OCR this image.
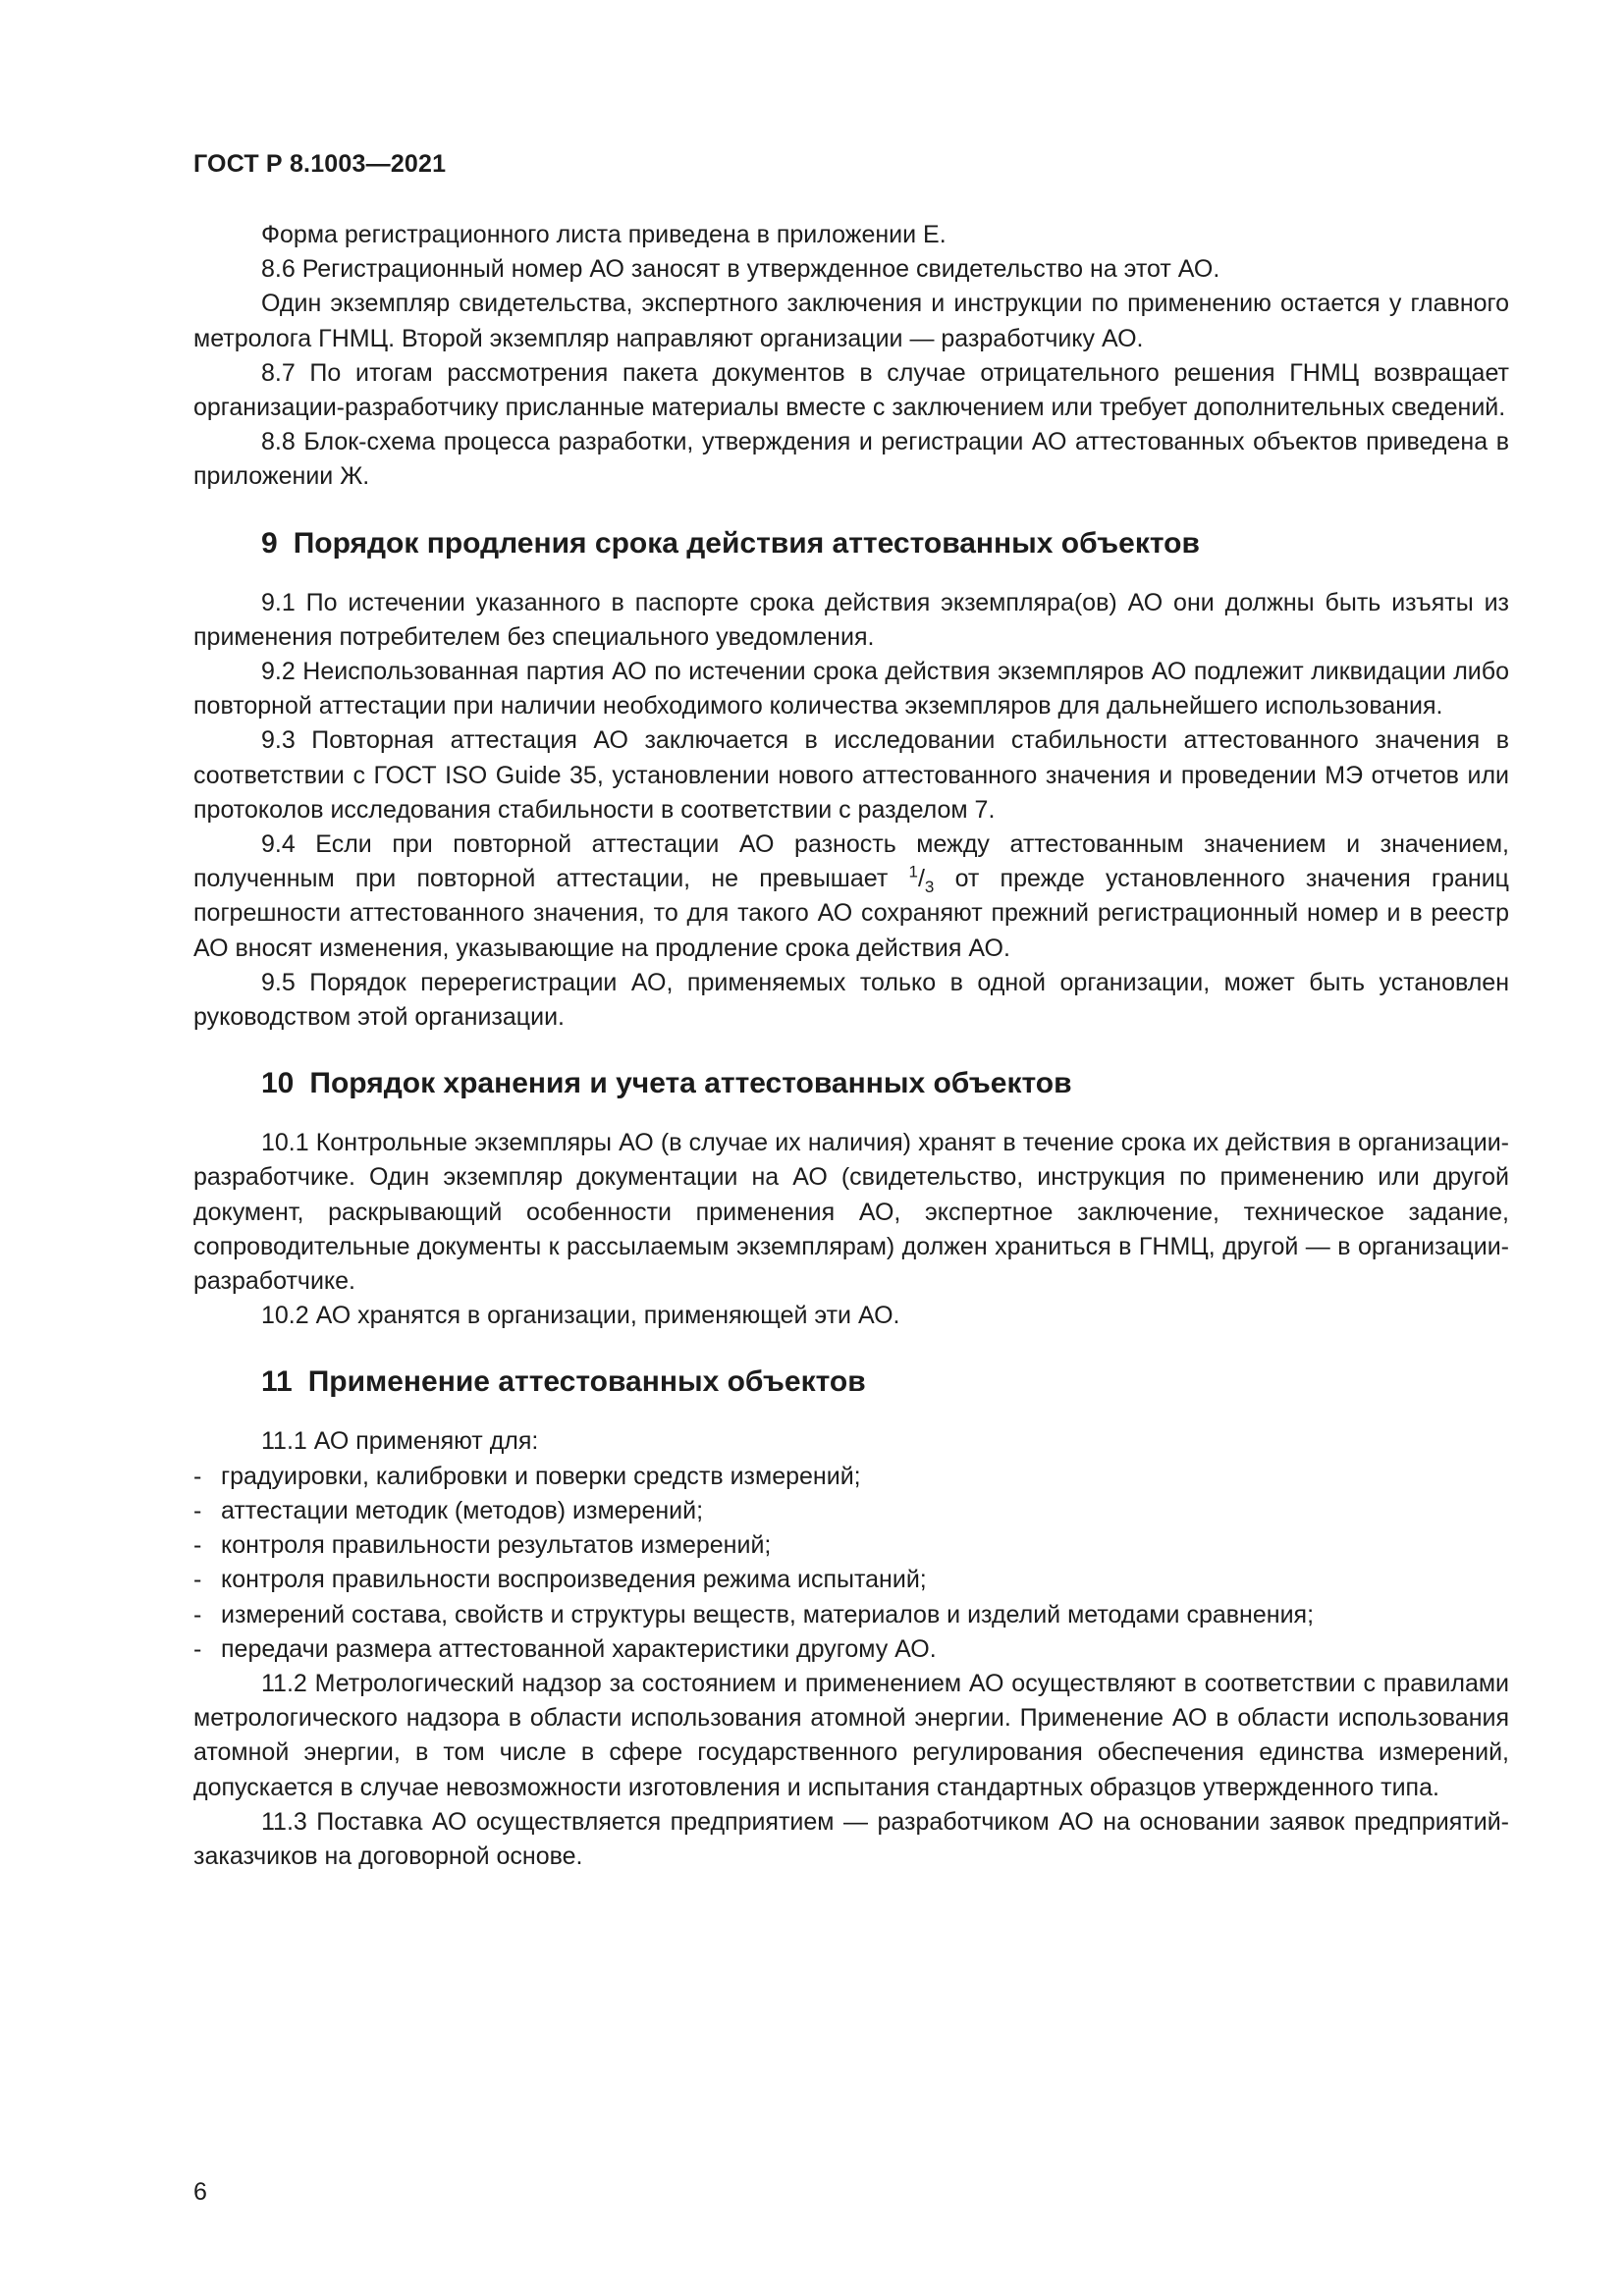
ГОСТ Р 8.1003—2021

Форма регистрационного листа приведена в приложении Е.

8.6 Регистрационный номер АО заносят в утвержденное свидетельство на этот АО.

Один экземпляр свидетельства, экспертного заключения и инструкции по применению остается у главного метролога ГНМЦ. Второй экземпляр направляют организации — разработчику АО.

8.7 По итогам рассмотрения пакета документов в случае отрицательного решения ГНМЦ возвращает организации-разработчику присланные материалы вместе с заключением или требует дополнительных сведений.

8.8 Блок-схема процесса разработки, утверждения и регистрации АО аттестованных объектов приведена в приложении Ж.

9 Порядок продления срока действия аттестованных объектов

9.1 По истечении указанного в паспорте срока действия экземпляра(ов) АО они должны быть изъяты из применения потребителем без специального уведомления.

9.2 Неиспользованная партия АО по истечении срока действия экземпляров АО подлежит ликвидации либо повторной аттестации при наличии необходимого количества экземпляров для дальнейшего использования.

9.3 Повторная аттестация АО заключается в исследовании стабильности аттестованного значения в соответствии с ГОСТ ISO Guide 35, установлении нового аттестованного значения и проведении МЭ отчетов или протоколов исследования стабильности в соответствии с разделом 7.

9.4 Если при повторной аттестации АО разность между аттестованным значением и значением, полученным при повторной аттестации, не превышает $^1/_3$ от прежде установленного значения границ погрешности аттестованного значения, то для такого АО сохраняют прежний регистрационный номер и в реестр АО вносят изменения, указывающие на продление срока действия АО.

9.5 Порядок перерегистрации АО, применяемых только в одной организации, может быть установлен руководством этой организации.

10 Порядок хранения и учета аттестованных объектов

10.1 Контрольные экземпляры АО (в случае их наличия) хранят в течение срока их действия в организации-разработчике. Один экземпляр документации на АО (свидетельство, инструкция по применению или другой документ, раскрывающий особенности применения АО, экспертное заключение, техническое задание, сопроводительные документы к рассылаемым экземплярам) должен храниться в ГНМЦ, другой — в организации-разработчике.

10.2 АО хранятся в организации, применяющей эти АО.

11 Применение аттестованных объектов

11.1 АО применяют для:

- градуировки, калибровки и поверки средств измерений;

- аттестации методик (методов) измерений;

- контроля правильности результатов измерений;

- контроля правильности воспроизведения режима испытаний;

- измерений состава, свойств и структуры веществ, материалов и изделий методами сравнения;

- передачи размера аттестованной характеристики другому АО.

11.2 Метрологический надзор за состоянием и применением АО осуществляют в соответствии с правилами метрологического надзора в области использования атомной энергии. Применение АО в области использования атомной энергии, в том числе в сфере государственного регулирования обеспечения единства измерений, допускается в случае невозможности изготовления и испытания стандартных образцов утвержденного типа.

11.3 Поставка АО осуществляется предприятием — разработчиком АО на основании заявок предприятий-заказчиков на договорной основе.

6
